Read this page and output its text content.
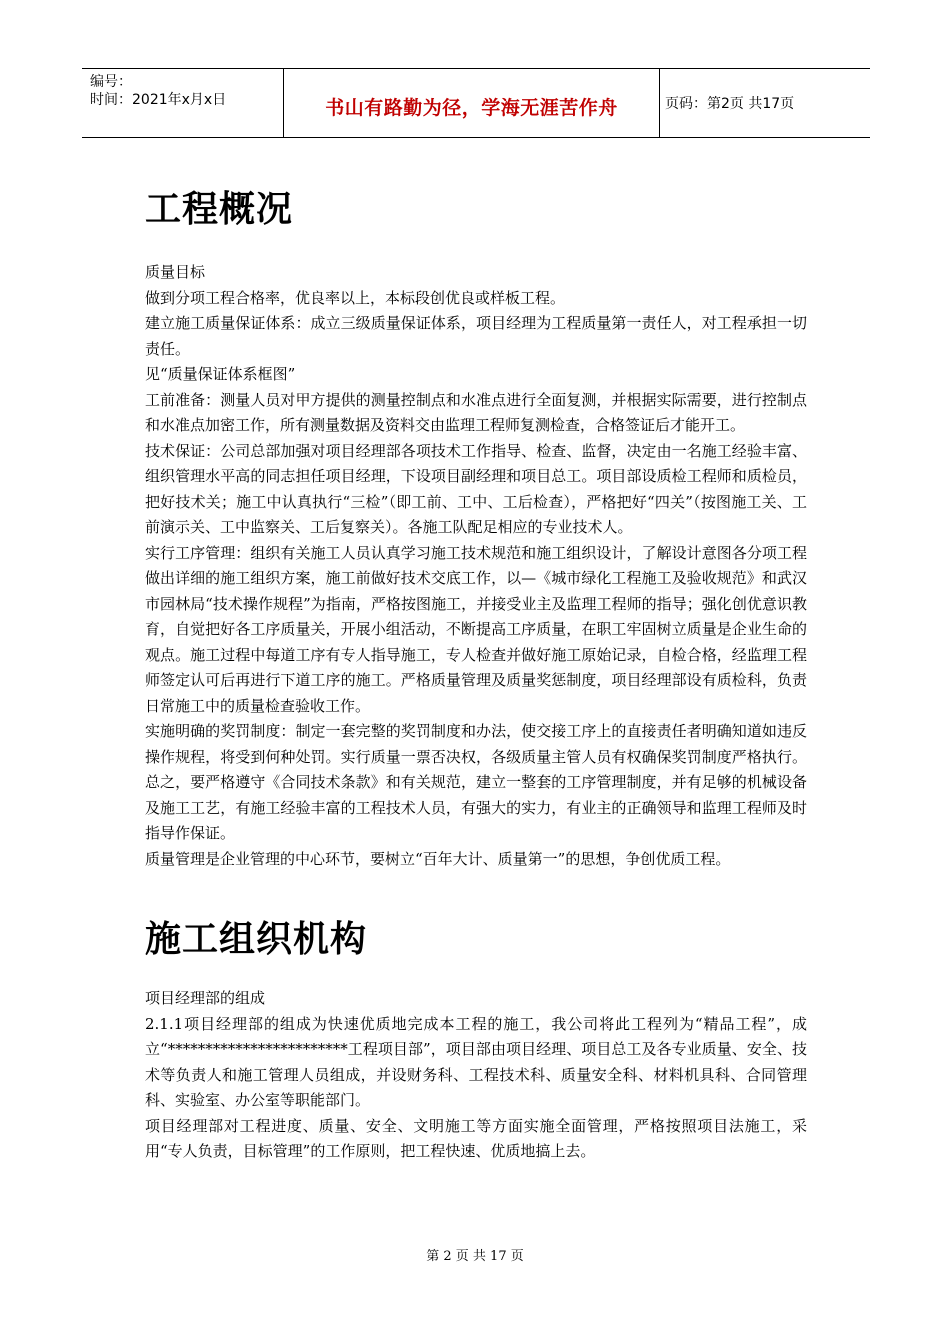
编号：
时间：2021年x月x日	书山有路勤为径，学海无涯苦作舟	页码：第2页 共17页
工程概况

质量目标

做到分项工程合格率，优良率以上，本标段创优良或样板工程。

建立施工质量保证体系：成立三级质量保证体系，项目经理为工程质量第一责任人，对工程承担一切责任。

见“质量保证体系框图”

工前准备：测量人员对甲方提供的测量控制点和水准点进行全面复测，并根据实际需要，进行控制点和水准点加密工作，所有测量数据及资料交由监理工程师复测检查，合格签证后才能开工。

技术保证：公司总部加强对项目经理部各项技术工作指导、检查、监督，决定由一名施工经验丰富、组织管理水平高的同志担任项目经理，下设项目副经理和项目总工。项目部设质检工程师和质检员，把好技术关；施工中认真执行“三检”（即工前、工中、工后检查），严格把好“四关”（按图施工关、工前演示关、工中监察关、工后复察关）。各施工队配足相应的专业技术人。

实行工序管理：组织有关施工人员认真学习施工技术规范和施工组织设计，了解设计意图各分项工程做出详细的施工组织方案，施工前做好技术交底工作，以—《城市绿化工程施工及验收规范》和武汉市园林局“技术操作规程”为指南，严格按图施工，并接受业主及监理工程师的指导；强化创优意识教育，自觉把好各工序质量关，开展小组活动，不断提高工序质量，在职工牢固树立质量是企业生命的观点。施工过程中每道工序有专人指导施工，专人检查并做好施工原始记录，自检合格，经监理工程师签定认可后再进行下道工序的施工。严格质量管理及质量奖惩制度，项目经理部设有质检科，负责日常施工中的质量检查验收工作。

实施明确的奖罚制度：制定一套完整的奖罚制度和办法，使交接工序上的直接责任者明确知道如违反操作规程，将受到何种处罚。实行质量一票否决权，各级质量主管人员有权确保奖罚制度严格执行。总之，要严格遵守《合同技术条款》和有关规范，建立一整套的工序管理制度，并有足够的机械设备及施工工艺，有施工经验丰富的工程技术人员，有强大的实力，有业主的正确领导和监理工程师及时指导作保证。

质量管理是企业管理的中心环节，要树立“百年大计、质量第一”的思想，争创优质工程。

施工组织机构

项目经理部的组成

2.1.1项目经理部的组成为快速优质地完成本工程的施工，我公司将此工程列为“精品工程”，成立“************************工程项目部”，项目部由项目经理、项目总工及各专业质量、安全、技术等负责人和施工管理人员组成，并设财务科、工程技术科、质量安全科、材料机具科、合同管理科、实验室、办公室等职能部门。

项目经理部对工程进度、质量、安全、文明施工等方面实施全面管理，严格按照项目法施工，采用“专人负责，目标管理”的工作原则，把工程快速、优质地搞上去。

第 2 页 共 17 页
